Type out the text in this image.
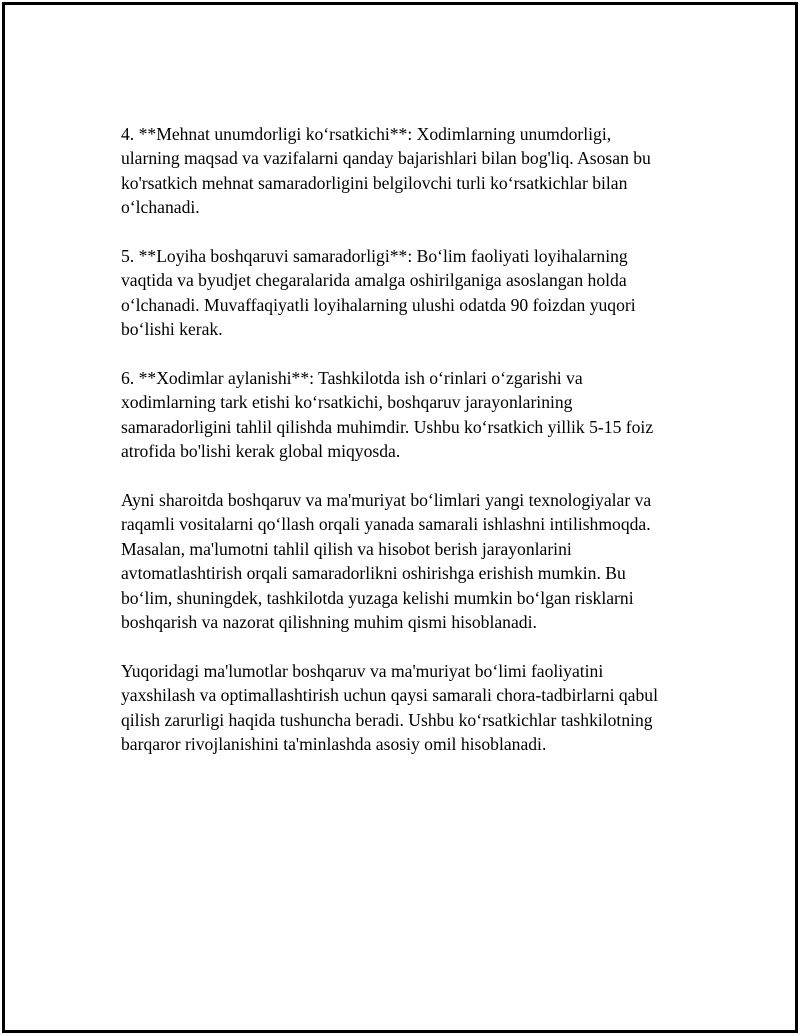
4. **Mehnat unumdorligi ko‘rsatkichi**: Xodimlarning unumdorligi,
ularning maqsad va vazifalarni qanday bajarishlari bilan bog'liq. Asosan bu
ko'rsatkich mehnat samaradorligini belgilovchi turli ko‘rsatkichlar bilan
o‘lchanadi.

5. **Loyiha boshqaruvi samaradorligi**: Bo‘lim faoliyati loyihalarning
vaqtida va byudjet chegaralarida amalga oshirilganiga asoslangan holda
o‘lchanadi. Muvaffaqiyatli loyihalarning ulushi odatda 90 foizdan yuqori
bo‘lishi kerak.

6. **Xodimlar aylanishi**: Tashkilotda ish o‘rinlari o‘zgarishi va
xodimlarning tark etishi ko‘rsatkichi, boshqaruv jarayonlarining
samaradorligini tahlil qilishda muhimdir. Ushbu ko‘rsatkich yillik 5-15 foiz
atrofida bo'lishi kerak global miqyosda.

Ayni sharoitda boshqaruv va ma'muriyat bo‘limlari yangi texnologiyalar va
raqamli vositalarni qo‘llash orqali yanada samarali ishlashni intilishmoqda.
Masalan, ma'lumotni tahlil qilish va hisobot berish jarayonlarini
avtomatlashtirish orqali samaradorlikni oshirishga erishish mumkin. Bu
bo‘lim, shuningdek, tashkilotda yuzaga kelishi mumkin bo‘lgan risklarni
boshqarish va nazorat qilishning muhim qismi hisoblanadi.

Yuqoridagi ma'lumotlar boshqaruv va ma'muriyat bo‘limi faoliyatini
yaxshilash va optimallashtirish uchun qaysi samarali chora-tadbirlarni qabul
qilish zarurligi haqida tushuncha beradi. Ushbu ko‘rsatkichlar tashkilotning
barqaror rivojlanishini ta'minlashda asosiy omil hisoblanadi.
